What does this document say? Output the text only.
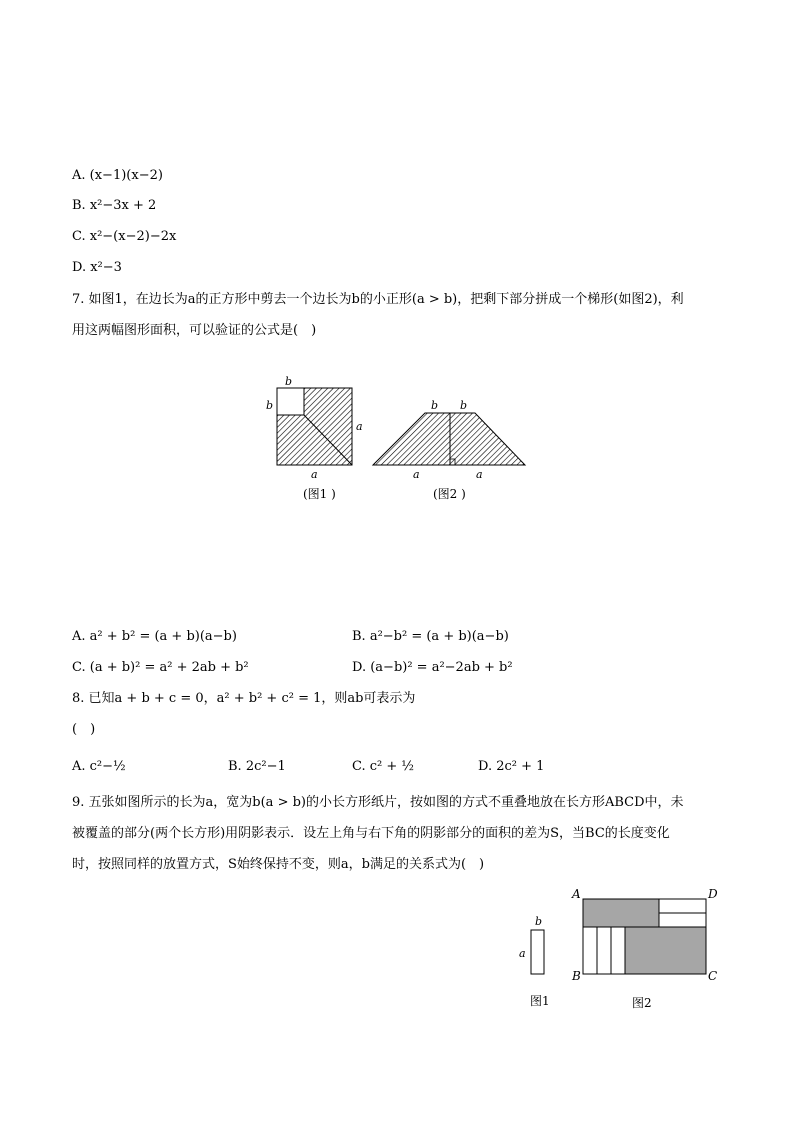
A. (x−1)(x−2)
B. x²−3x + 2
C. x²−(x−2)−2x
D. x²−3
7. 如图1，在边长为a的正方形中剪去一个边长为b的小正形(a > b)，把剩下部分拼成一个梯形(如图2)，利
用这两幅图形面积，可以验证的公式是(　)
b
b
a
a
(图1 )
b b
a	a
(图2 )
A. a² + b² = (a + b)(a−b)	B. a²−b² = (a + b)(a−b)
C. (a + b)² = a² + 2ab + b²	D. (a−b)² = a²−2ab + b²
8. 已知a + b + c = 0，a² + b² + c² = 1，则ab可表示为
(　)
A. c²−½	B. 2c²−1	C. c² + ½	D. 2c² + 1
9. 五张如图所示的长为a，宽为b(a > b)的小长方形纸片，按如图的方式不重叠地放在长方形ABCD中，未
被覆盖的部分(两个长方形)用阴影表示．设左上角与右下角的阴影部分的面积的差为S，当BC的长度变化
时，按照同样的放置方式，S始终保持不变，则a，b满足的关系式为(　)
b
a
图1
A	D
B	C
图2
